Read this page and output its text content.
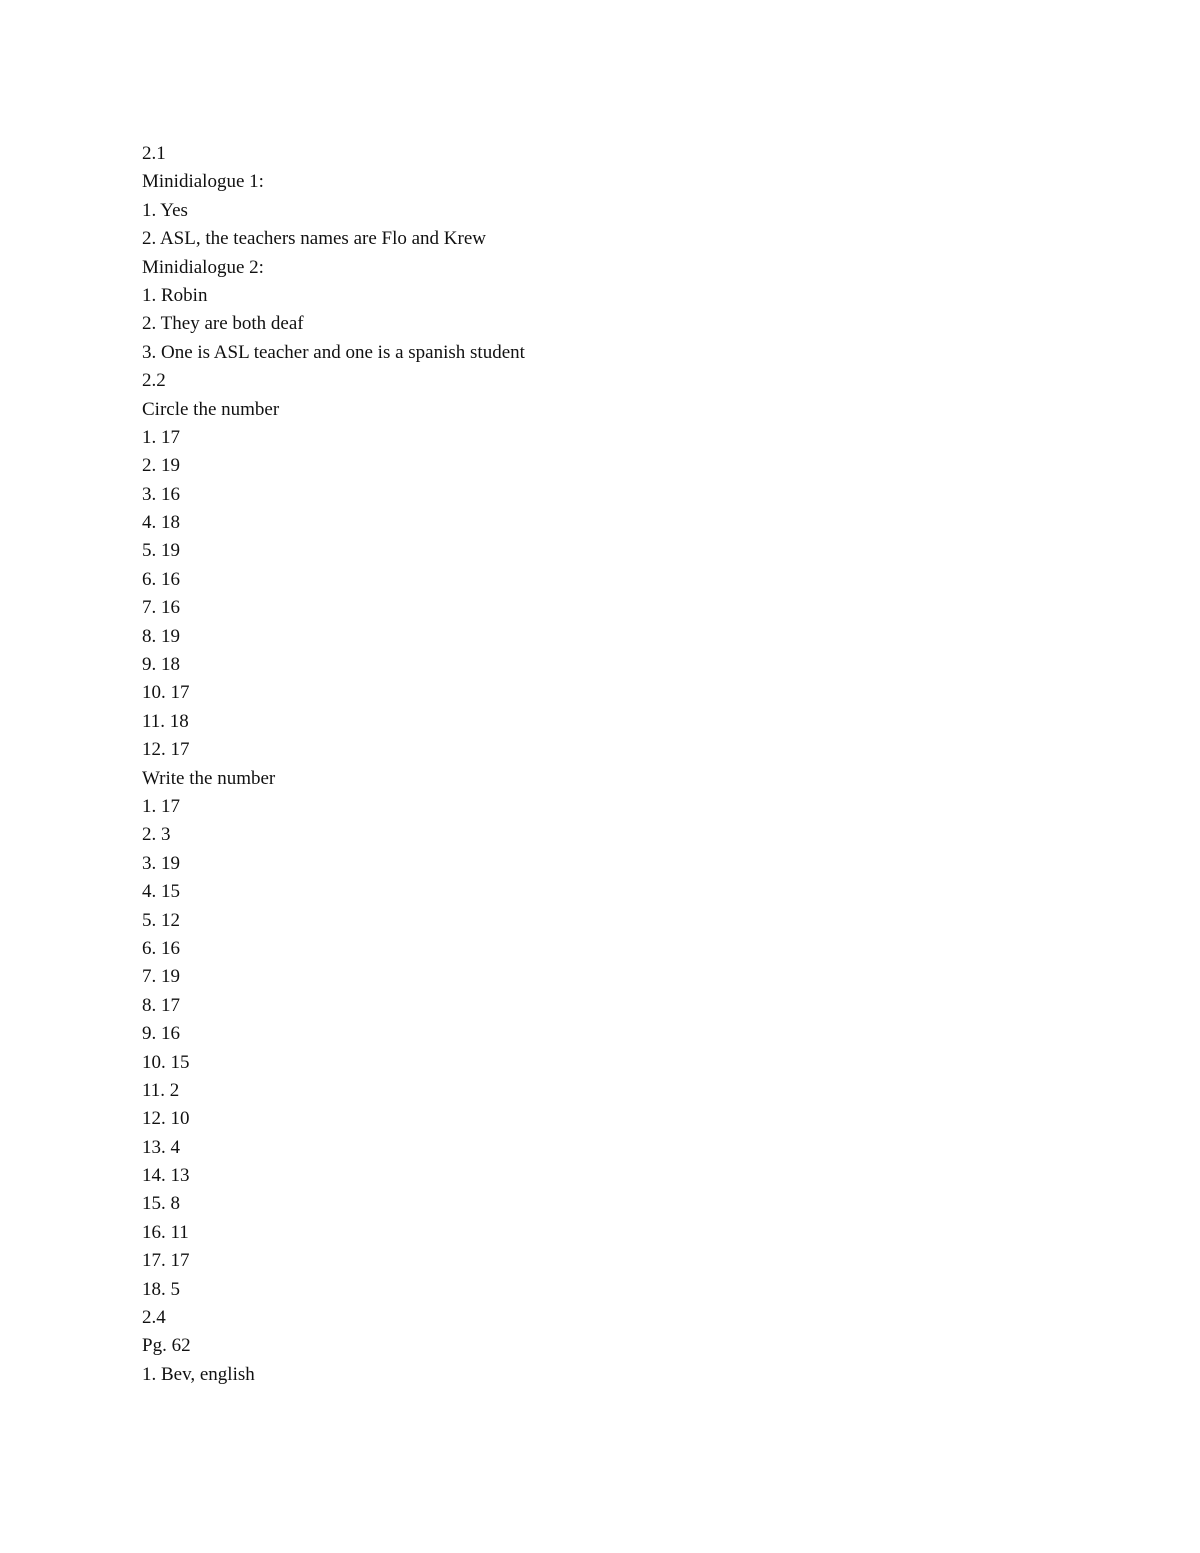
2.1
Minidialogue 1:
1. Yes
2. ASL, the teachers names are Flo and Krew
Minidialogue 2:
1. Robin
2. They are both deaf
3. One is ASL teacher and one is a spanish student
2.2
Circle the number
1. 17
2. 19
3. 16
4. 18
5. 19
6. 16
7. 16
8. 19
9. 18
10. 17
11. 18
12. 17
Write the number
1. 17
2. 3
3. 19
4. 15
5. 12
6. 16
7. 19
8. 17
9. 16
10. 15
11. 2
12. 10
13. 4
14. 13
15. 8
16. 11
17. 17
18. 5
2.4
Pg. 62
1. Bev, english
